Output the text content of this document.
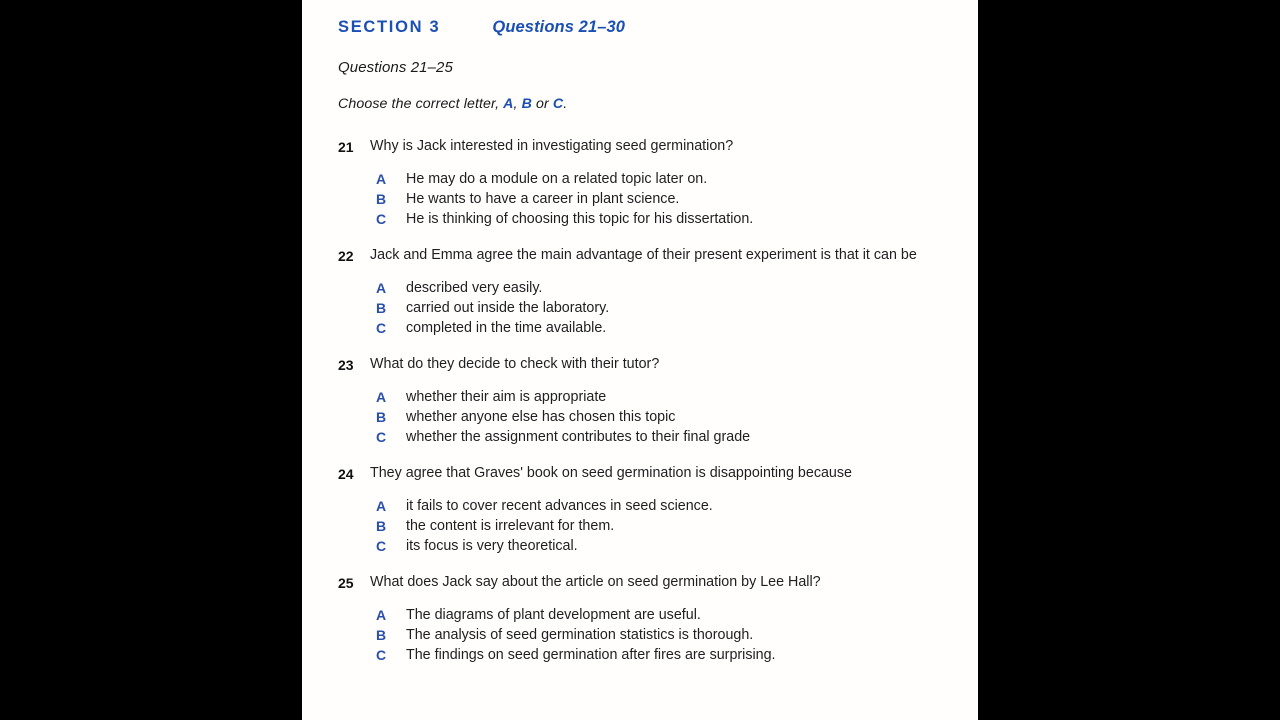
SECTION 3	Questions 21–30
Questions 21–25
Choose the correct letter, A, B or C.
21	Why is Jack interested in investigating seed germination?
A	He may do a module on a related topic later on.
B	He wants to have a career in plant science.
C	He is thinking of choosing this topic for his dissertation.
22	Jack and Emma agree the main advantage of their present experiment is that it can be
A	described very easily.
B	carried out inside the laboratory.
C	completed in the time available.
23	What do they decide to check with their tutor?
A	whether their aim is appropriate
B	whether anyone else has chosen this topic
C	whether the assignment contributes to their final grade
24	They agree that Graves' book on seed germination is disappointing because
A	it fails to cover recent advances in seed science.
B	the content is irrelevant for them.
C	its focus is very theoretical.
25	What does Jack say about the article on seed germination by Lee Hall?
A	The diagrams of plant development are useful.
B	The analysis of seed germination statistics is thorough.
C	The findings on seed germination after fires are surprising.
